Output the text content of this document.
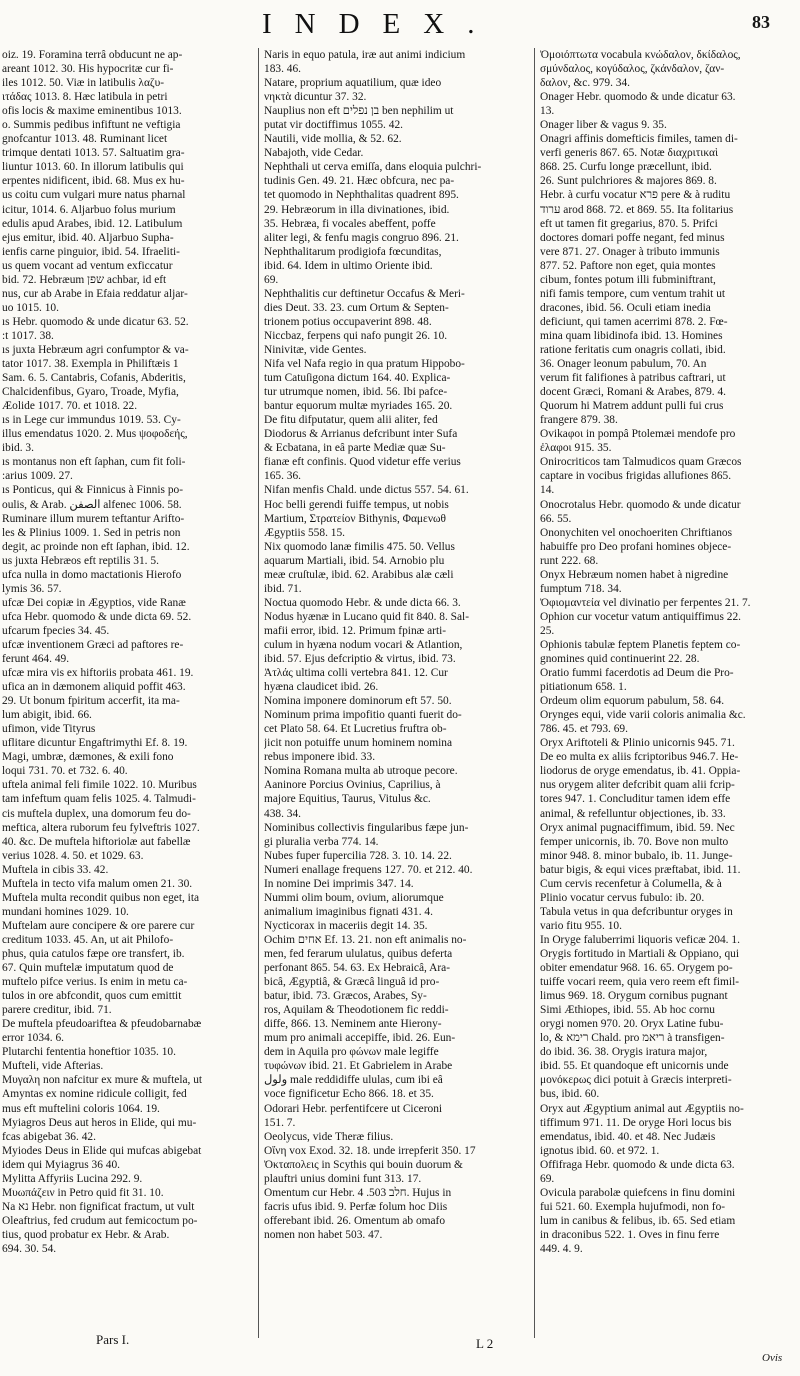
INDEX.	83
oiz. 19. Foramina terrâ obducunt ne ap-
areant 1012. 30. His hypocritæ cur fi-
iles 1012. 50. Viæ in latibulis λαζυ-
ιτάδας 1013. 8. Hæc latibula in petri
ofis locis & maxime eminentibus 1013.
o. Summis pedibus infiftunt ne veftigia
gnofcantur 1013. 48. Ruminant licet
trimque dentati 1013. 57. Saltuatim gra-
liuntur 1013. 60. In illorum latibulis qui
erpentes nidificent, ibid. 68. Mus ex hu-
us coitu cum vulgari mure natus pharnal
icitur, 1014. 6. Aljarbuo folus murium
edulis apud Arabes, ibid. 12. Latibulum
ejus emitur, ibid. 40. Aljarbuo Supha-
ienfis carne pinguior, ibid. 54. Ifraeliti-
us quem vocant ad ventum exficcatur
bid. 72. Hebræum שפן achbar, id eft
nus, cur ab Arabe in Efaia reddatur aljar-
uo 1015. 10.
ıs Hebr. quomodo & unde dicatur 63. 52.
:t 1017. 38.
ıs juxta Hebræum agri confumptor & va-
tator 1017. 38. Exempla in Philiftæis 1
Sam. 6. 5. Cantabris, Cofanis, Abderitis,
Chalcidenfibus, Gyaro, Troade, Myfia,
Æolide 1017. 70. et 1018. 22.
ıs in Lege cur immundus 1019. 53. Cy-
illus emendatus 1020. 2. Mus ψοφοδεής,
ibid. 3.
ıs montanus non eft ſaphan, cum fit foli-
:arius 1009. 27.
ıs Ponticus, qui & Finnicus à Finnis po-
oulis, & Arab. الصفن alfenec 1006. 58.
Ruminare illum murem teftantur Arifto-
les & Plinius 1009. 1. Sed in petris non
degit, ac proinde non eft ſaphan, ibid. 12.
us juxta Hebræos eft reptilis 31. 5.
ufca nulla in domo mactationis Hierofo
lymis 36. 57.
ufcæ Dei copiæ in Ægyptios, vide Ranæ
ufca Hebr. quomodo & unde dicta 69. 52.
ufcarum fpecies 34. 45.
ufcæ inventionem Græci ad paftores re-
ferunt 464. 49.
ufcæ mira vis ex hiftoriis probata 461. 19.
ufica an in dæmonem aliquid poffit 463.
29. Ut bonum fpiritum accerfit, ita ma-
lum abigit, ibid. 66.
ufimon, vide Tityrus
uflitare dicuntur Engaftrimythi Ef. 8. 19.
Magi, umbræ, dæmones, & exili fono
loqui 731. 70. et 732. 6. 40.
uftela animal feli fimile 1022. 10. Muribus
tam infeftum quam felis 1025. 4. Talmudi-
cis muftela duplex, una domorum feu do-
meftica, altera ruborum feu fylveftris 1027.
40. &c. De muftela hiftoriolæ aut fabellæ
verius 1028. 4. 50. et 1029. 63.
Muftela in cibis 33. 42.
Muftela in tecto vifa malum omen 21. 30.
Muftela multa recondit quibus non eget, ita
mundani homines 1029. 10.
Muftelam aure concipere & ore parere cur
creditum 1033. 45. An, ut ait Philofo-
phus, quia catulos fæpe ore transfert, ib.
67. Quin muftelæ imputatum quod de
muftelo pifce verius. Is enim in metu ca-
tulos in ore abfcondit, quos cum emittit
parere creditur, ibid. 71.
De muftela pfeudoariftea & pfeudobarnabæ
error 1034. 6.
Plutarchi fententia honeftior 1035. 10.
Mufteli, vide Afterias.
Μυγαλη non nafcitur ex mure & muftela, ut
Amyntas ex nomine ridicule colligit, fed
mus eft muftelini coloris 1064. 19.
Myiagros Deus aut heros in Elide, qui mu-
fcas abigebat 36. 42.
Myiodes Deus in Elide qui mufcas abigebat
idem qui Myiagrus 36 40.
Mylitta Affyriis Lucina 292. 9.
Μυωπάζειν in Petro quid fit 31. 10.
Na נא Hebr. non fignificat fractum, ut vult
Oleaftrius, fed crudum aut femicoctum po-
tius, quod probatur ex Hebr. & Arab.
694. 30. 54.
Naris in equo patula, iræ aut animi indicium
183. 46.
Natare, proprium aquatilium, quæ ideo
νηκτὰ dicuntur 37. 32.
Nauplius non eft בן נפלים ben nephilim ut
putat vir doctiffimus 1055. 42.
Nautili, vide mollia, & 52. 62.
Nabajoth, vide Cedar.
Nephthali ut cerva emiſſa, dans eloquia pulchri-
tudinis Gen. 49. 21. Hæc obfcura, nec pa-
tet quomodo in Nephthalitas quadrent 895.
29. Hebræorum in illa divinationes, ibid.
35. Hebræa, fi vocales abeffent, poffe
aliter legi, & fenfu magis congruo 896. 21.
Nephthalitarum prodigiofa fœcunditas,
ibid. 64. Idem in ultimo Oriente ibid.
69.
Nephthalitis cur deftinetur Occafus & Meri-
dies Deut. 33. 23. cum Ortum & Septen-
trionem potius occupaverint 898. 48.
Niccbaz, ferpens qui nafo pungit 26. 10.
Ninivitæ, vide Gentes.
Nifa vel Nafa regio in qua pratum Hippobo-
tum Catuſigona dictum 164. 40. Explica-
tur utrumque nomen, ibid. 56. Ibi pafce-
bantur equorum multæ myriades 165. 20.
De fitu difputatur, quem alii aliter, fed
Diodorus & Arrianus defcribunt inter Sufa
& Ecbatana, in eâ parte Mediæ quæ Su-
fianæ eft confinis. Quod videtur effe verius
165. 36.
Nifan menfis Chald. unde dictus 557. 54. 61.
Hoc belli gerendi fuiffe tempus, ut nobis
Martium, Στρατείον Bithynis, Φαμενωθ
Ægyptiis 558. 15.
Nix quomodo lanæ fimilis 475. 50. Vellus
aquarum Martiali, ibid. 54. Arnobio plu
meæ cruſtulæ, ibid. 62. Arabibus alæ cæli
ibid. 71.
Noctua quomodo Hebr. & unde dicta 66. 3.
Nodus hyænæ in Lucano quid fit 840. 8. Sal-
mafii error, ibid. 12. Primum fpinæ arti-
culum in hyæna nodum vocari & Atlantion,
ibid. 57. Ejus defcriptio & virtus, ibid. 73.
Ἀτλάς ultima colli vertebra 841. 12. Cur
hyæna claudicet ibid. 26.
Nomina imponere dominorum eft 57. 50.
Nominum prima impofitio quanti fuerit do-
cet Plato 58. 64. Et Lucretius fruftra ob-
jicit non potuiffe unum hominem nomina
rebus imponere ibid. 33.
Nomina Romana multa ab utroque pecore.
Aaninore Porcius Ovinius, Caprilius, à
majore Equitius, Taurus, Vitulus &c.
438. 34.
Nominibus collectivis fingularibus fæpe jun-
gi pluralia verba 774. 14.
Nubes fuper fupercilia 728. 3. 10. 14. 22.
Numeri enallage frequens 127. 70. et 212. 40.
In nomine Dei imprimis 347. 14.
Nummi olim boum, ovium, aliorumque
animalium imaginibus fignati 431. 4.
Nycticorax in maceriis degit 14. 35.
Ochim אחים Ef. 13. 21. non eft animalis no-
men, fed ferarum ululatus, quibus deferta
perfonant 865. 54. 63. Ex Hebraicâ, Ara-
bicâ, Ægyptiâ, & Græcâ linguâ id pro-
batur, ibid. 73. Græcos, Arabes, Sy-
ros, Aquilam & Theodotionem fic reddi-
diffe, 866. 13. Neminem ante Hierony-
mum pro animali accepiffe, ibid. 26. Eun-
dem in Aquila pro φώνων male legiffe
τυφώνων ibid. 21. Et Gabrielem in Arabe
ولول male reddidiffe ululas, cum ibi eâ
voce fignificetur Echo 866. 18. et 35.
Odorari Hebr. perfentifcere ut Ciceroni
151. 7.
Oeolycus, vide Theræ filius.
Οἴνη vox Exod. 32. 18. unde irrepferit 350. 17
Ὀκταπολεις in Scythis qui bouin duorum &
plauftri unius domini funt 313. 17.
Omentum cur Hebr. חלב 503. 4. Hujus in
facris ufus ibid. 9. Perfæ folum hoc Diis
offerebant ibid. 26. Omentum ab omafo
nomen non habet 503. 47.
Ὀμοιόπτωτα vocabula κνώδαλον, δκίδαλος,
σμύνδαλος, κογύδαλος, ζκάνδαλον, ζαν-
δαλον, &c. 979. 34.
Onager Hebr. quomodo & unde dicatur 63.
13.
Onager liber & vagus 9. 35.
Onagri affinis domefticis fimiles, tamen di-
verfi generis 867. 65. Notæ διαχριτικαὶ
868. 25. Curfu longe præcellunt, ibid.
26. Sunt pulchriores & majores 869. 8.
Hebr. à curfu vocatur פרא pere & à ruditu
ערוד arod 868. 72. et 869. 55. Ita folitarius
eft ut tamen fit gregarius, 870. 5. Prifci
doctores domari poffe negant, fed minus
vere 871. 27. Onager à tributo immunis
877. 52. Paftore non eget, quia montes
cibum, fontes potum illi fubminiftrant,
nifi famis tempore, cum ventum trahit ut
dracones, ibid. 56. Oculi etiam inedia
deficiunt, qui tamen acerrimi 878. 2. Fœ-
mina quam libidinofa ibid. 13. Homines
ratione feritatis cum onagris collati, ibid.
36. Onager leonum pabulum, 70. An
verum fit falifiones à patribus caftrari, ut
docent Græci, Romani & Arabes, 879. 4.
Quorum hi Matrem addunt pulli fui crus
frangere 879. 38.
Ovikaφοι in pompâ Ptolemæi mendofe pro
ἐλαφοι 915. 35.
Onirocriticos tam Talmudicos quam Græcos
captare in vocibus frigidas allufiones 865.
14.
Onocrotalus Hebr. quomodo & unde dicatur
66. 55.
Ononychiten vel onochoeriten Chriftianos
habuiffe pro Deo profani homines objece-
runt 222. 68.
Onyx Hebræum nomen habet à nigredine
fumptum 718. 34.
Ὀφιομαντεία vel divinatio per ferpentes 21. 7.
Ophion cur vocetur vatum antiquiffimus 22.
25.
Ophionis tabulæ feptem Planetis feptem co-
gnomines quid continuerint 22. 28.
Oratio fummi facerdotis ad Deum die Pro-
pitiationum 658. 1.
Ordeum olim equorum pabulum, 58. 64.
Orynges equi, vide varii coloris animalia &c.
786. 45. et 793. 69.
Oryx Ariftoteli & Plinio unicornis 945. 71.
De eo multa ex aliis fcriptoribus 946.7. He-
liodorus de oryge emendatus, ib. 41. Oppia-
nus orygem aliter defcribit quam alii fcrip-
tores 947. 1. Concluditur tamen idem effe
animal, & refelluntur objectiones, ib. 33.
Oryx animal pugnaciffimum, ibid. 59. Nec
femper unicornis, ib. 70. Bove non multo
minor 948. 8. minor bubalo, ib. 11. Junge-
batur bigis, & equi vices præftabat, ibid. 11.
Cum cervis recenfetur à Columella, & à
Plinio vocatur cervus fubulo: ib. 20.
Tabula vetus in qua defcribuntur oryges in
vario fitu 955. 10.
In Oryge faluberrimi liquoris veficæ 204. 1.
Orygis fortitudo in Martiali & Oppiano, qui
obiter emendatur 968. 16. 65. Orygem po-
tuiffe vocari reem, quia vero reem eft fimil-
limus 969. 18. Orygum cornibus pugnant
Simi Æthiopes, ibid. 55. Ab hoc cornu
orygi nomen 970. 20. Oryx Latine fubu-
lo, & רימא Chald. pro ריאמ à transfigen-
do ibid. 36. 38. Orygis iratura major,
ibid. 55. Et quandoque eft unicornis unde
μονόκερως dici potuit à Græcis interpreti-
bus, ibid. 60.
Oryx aut Ægyptium animal aut Ægyptiis no-
tiffimum 971. 11. De oryge Hori locus bis
emendatus, ibid. 40. et 48. Nec Judæis
ignotus ibid. 60. et 972. 1.
Offifraga Hebr. quomodo & unde dicta 63.
69.
Ovicula parabolæ quiefcens in finu domini
fui 521. 60. Exempla hujufmodi, non fo-
lum in canibus & felibus, ib. 65. Sed etiam
in draconibus 522. 1. Oves in finu ferre
449. 4. 9.
Pars I.	L 2
Ovis
